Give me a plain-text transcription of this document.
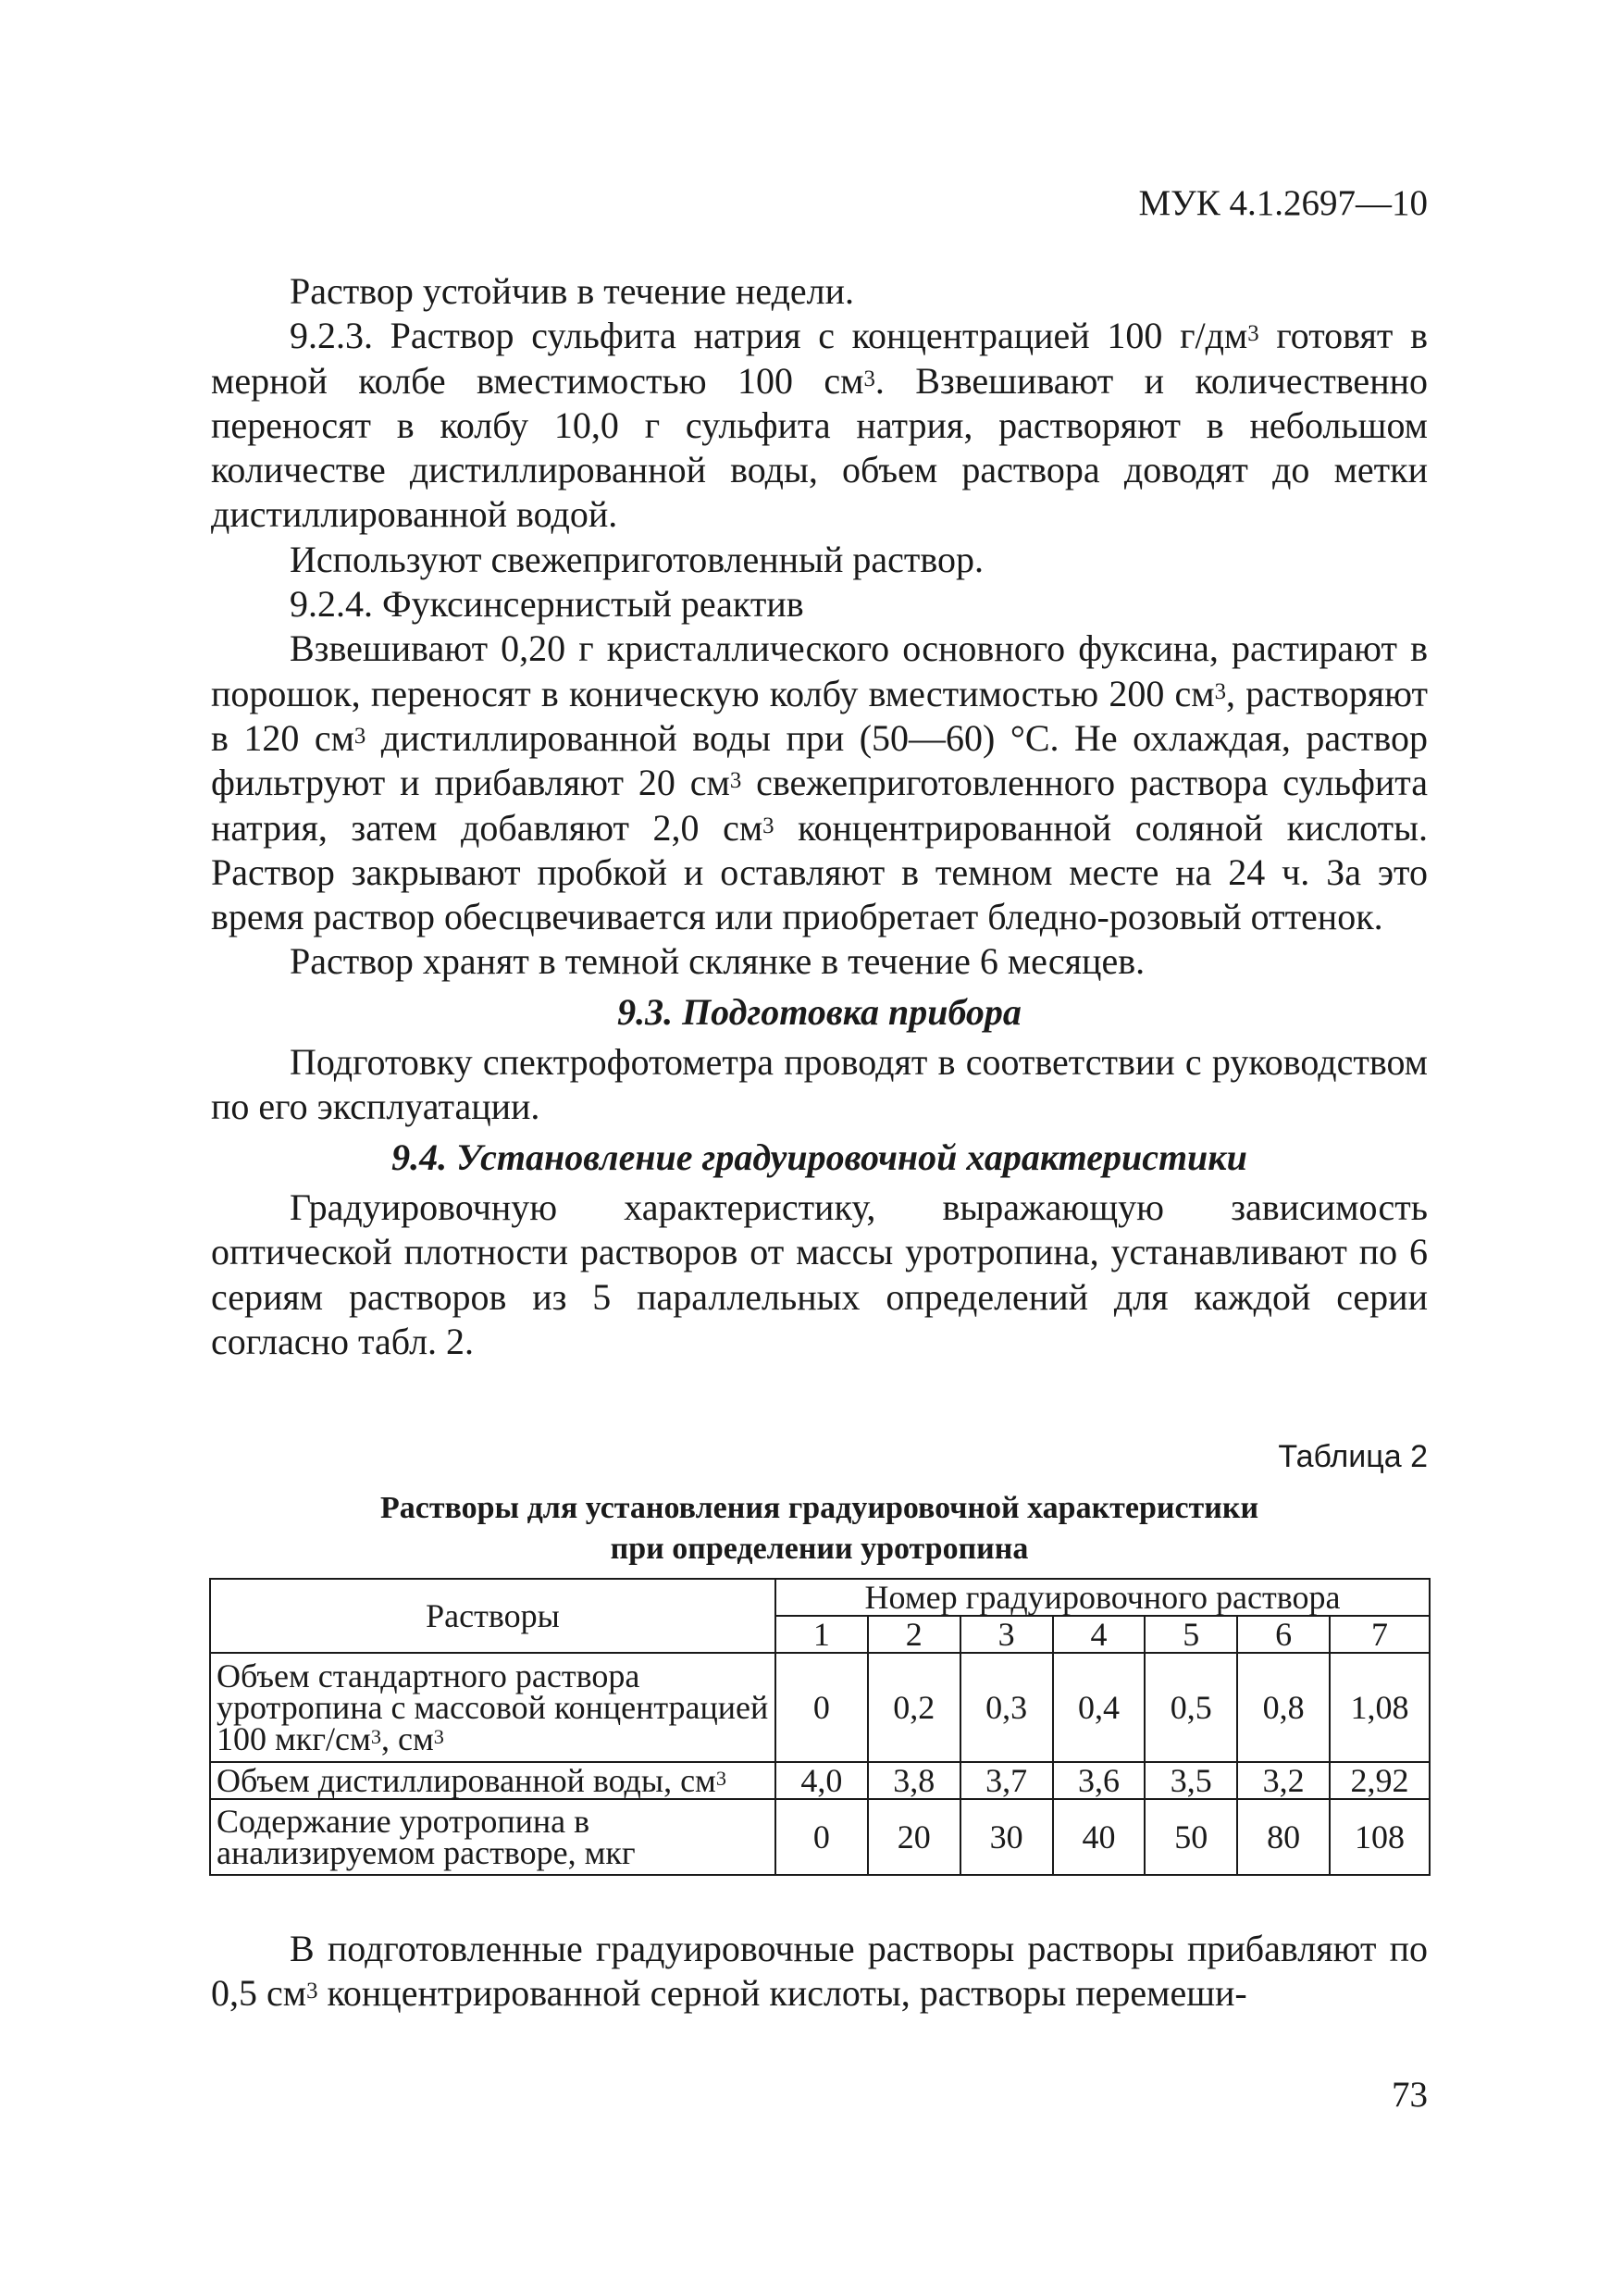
МУК 4.1.2697—10

Раствор устойчив в течение недели.

9.2.3. Раствор сульфита натрия с концентрацией 100 $г/дм^3$ готовят в мерной колбе вместимостью 100 $см^3$. Взвешивают и количественно переносят в колбу 10,0 г сульфита натрия, растворяют в небольшом количестве дистиллированной воды, объем раствора доводят до метки дистиллированной водой.

Используют свежеприготовленный раствор.

9.2.4. Фуксинсернистый реактив

Взвешивают 0,20 г кристаллического основного фуксина, растирают в порошок, переносят в коническую колбу вместимостью 200 $см^3$, растворяют в 120 $см^3$ дистиллированной воды при (50—60) °С. Не охлаждая, раствор фильтруют и прибавляют 20 $см^3$ свежеприготовленного раствора сульфита натрия, затем добавляют 2,0 $см^3$ концентрированной соляной кислоты. Раствор закрывают пробкой и оставляют в темном месте на 24 ч. За это время раствор обесцвечивается или приобретает бледно-розовый оттенок.

Раствор хранят в темной склянке в течение 6 месяцев.

9.3. Подготовка прибора

Подготовку спектрофотометра проводят в соответствии с руководством по его эксплуатации.

9.4. Установление градуировочной характеристики

Градуировочную характеристику, выражающую зависимость оптической плотности растворов от массы уротропина, устанавливают по 6 сериям растворов из 5 параллельных определений для каждой серии согласно табл. 2.

Таблица 2
Растворы для установления градуировочной характеристики
при определении уротропина
Растворы	Номер градуировочного раствора						
	1	2	3	4	5	6	7
Объем стандартного раствора уротропина с массовой концентрацией 100 мкг/$см^3$, $см^3$	0	0,2	0,3	0,4	0,5	0,8	1,08
Объем дистиллированной воды, $см^3$	4,0	3,8	3,7	3,6	3,5	3,2	2,92
Содержание уротропина в анализируемом растворе, мкг	0	20	30	40	50	80	108

В подготовленные градуировочные растворы растворы прибавляют по 0,5 $см^3$ концентрированной серной кислоты, растворы перемеши-

73
